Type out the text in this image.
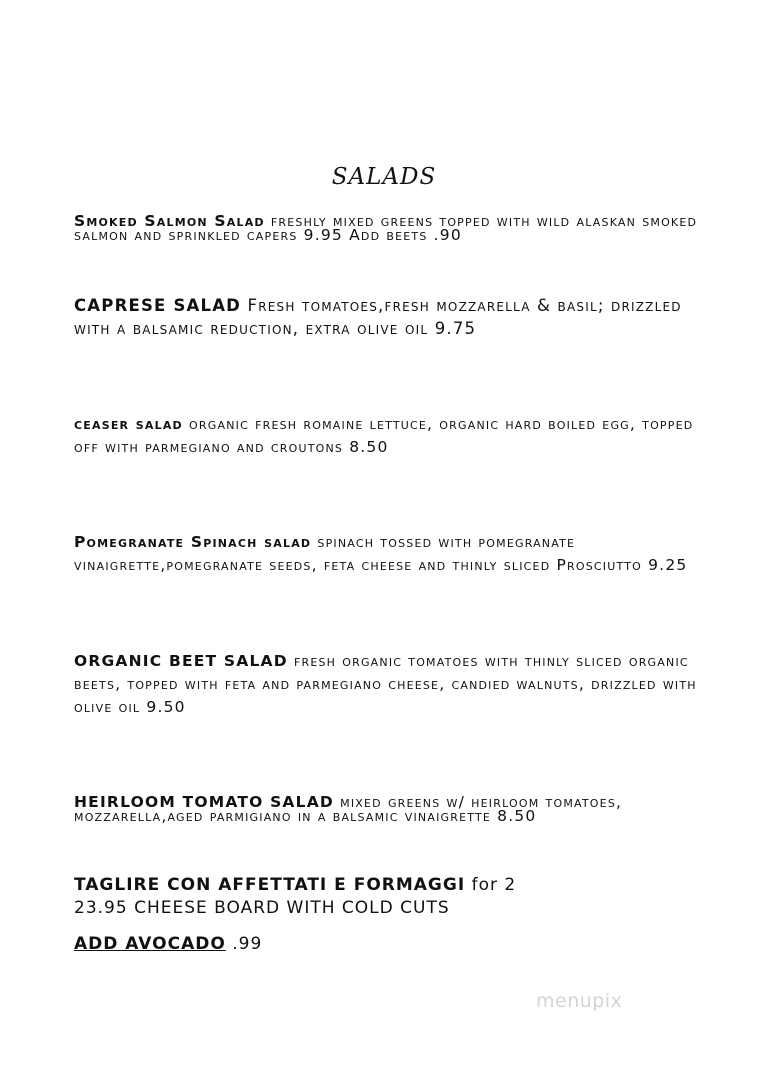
SALADS

Smoked Salmon Salad freshly mixed greens topped with wild alaskan smoked salmon and sprinkled capers 9.95 Add beets .90

CAPRESE SALAD Fresh tomatoes,fresh mozzarella & basil; drizzled with a balsamic reduction, extra olive oil 9.75

ceaser salad organic fresh romaine lettuce, organic hard boiled egg, topped off with parmegiano and croutons 8.50

Pomegranate Spinach salad spinach tossed with pomegranate vinaigrette,pomegranate seeds, feta cheese and thinly sliced Prosciutto 9.25

ORGANIC BEET SALAD fresh organic tomatoes with thinly sliced organic beets, topped with feta and parmegiano cheese, candied walnuts, drizzled with olive oil 9.50

HEIRLOOM TOMATO SALAD mixed greens w/ heirloom tomatoes, mozzarella,aged parmigiano in a balsamic vinaigrette 8.50

TAGLIRE CON AFFETTATI E FORMAGGI for 2
23.95 CHEESE BOARD WITH COLD CUTS

ADD AVOCADO .99

menupix
